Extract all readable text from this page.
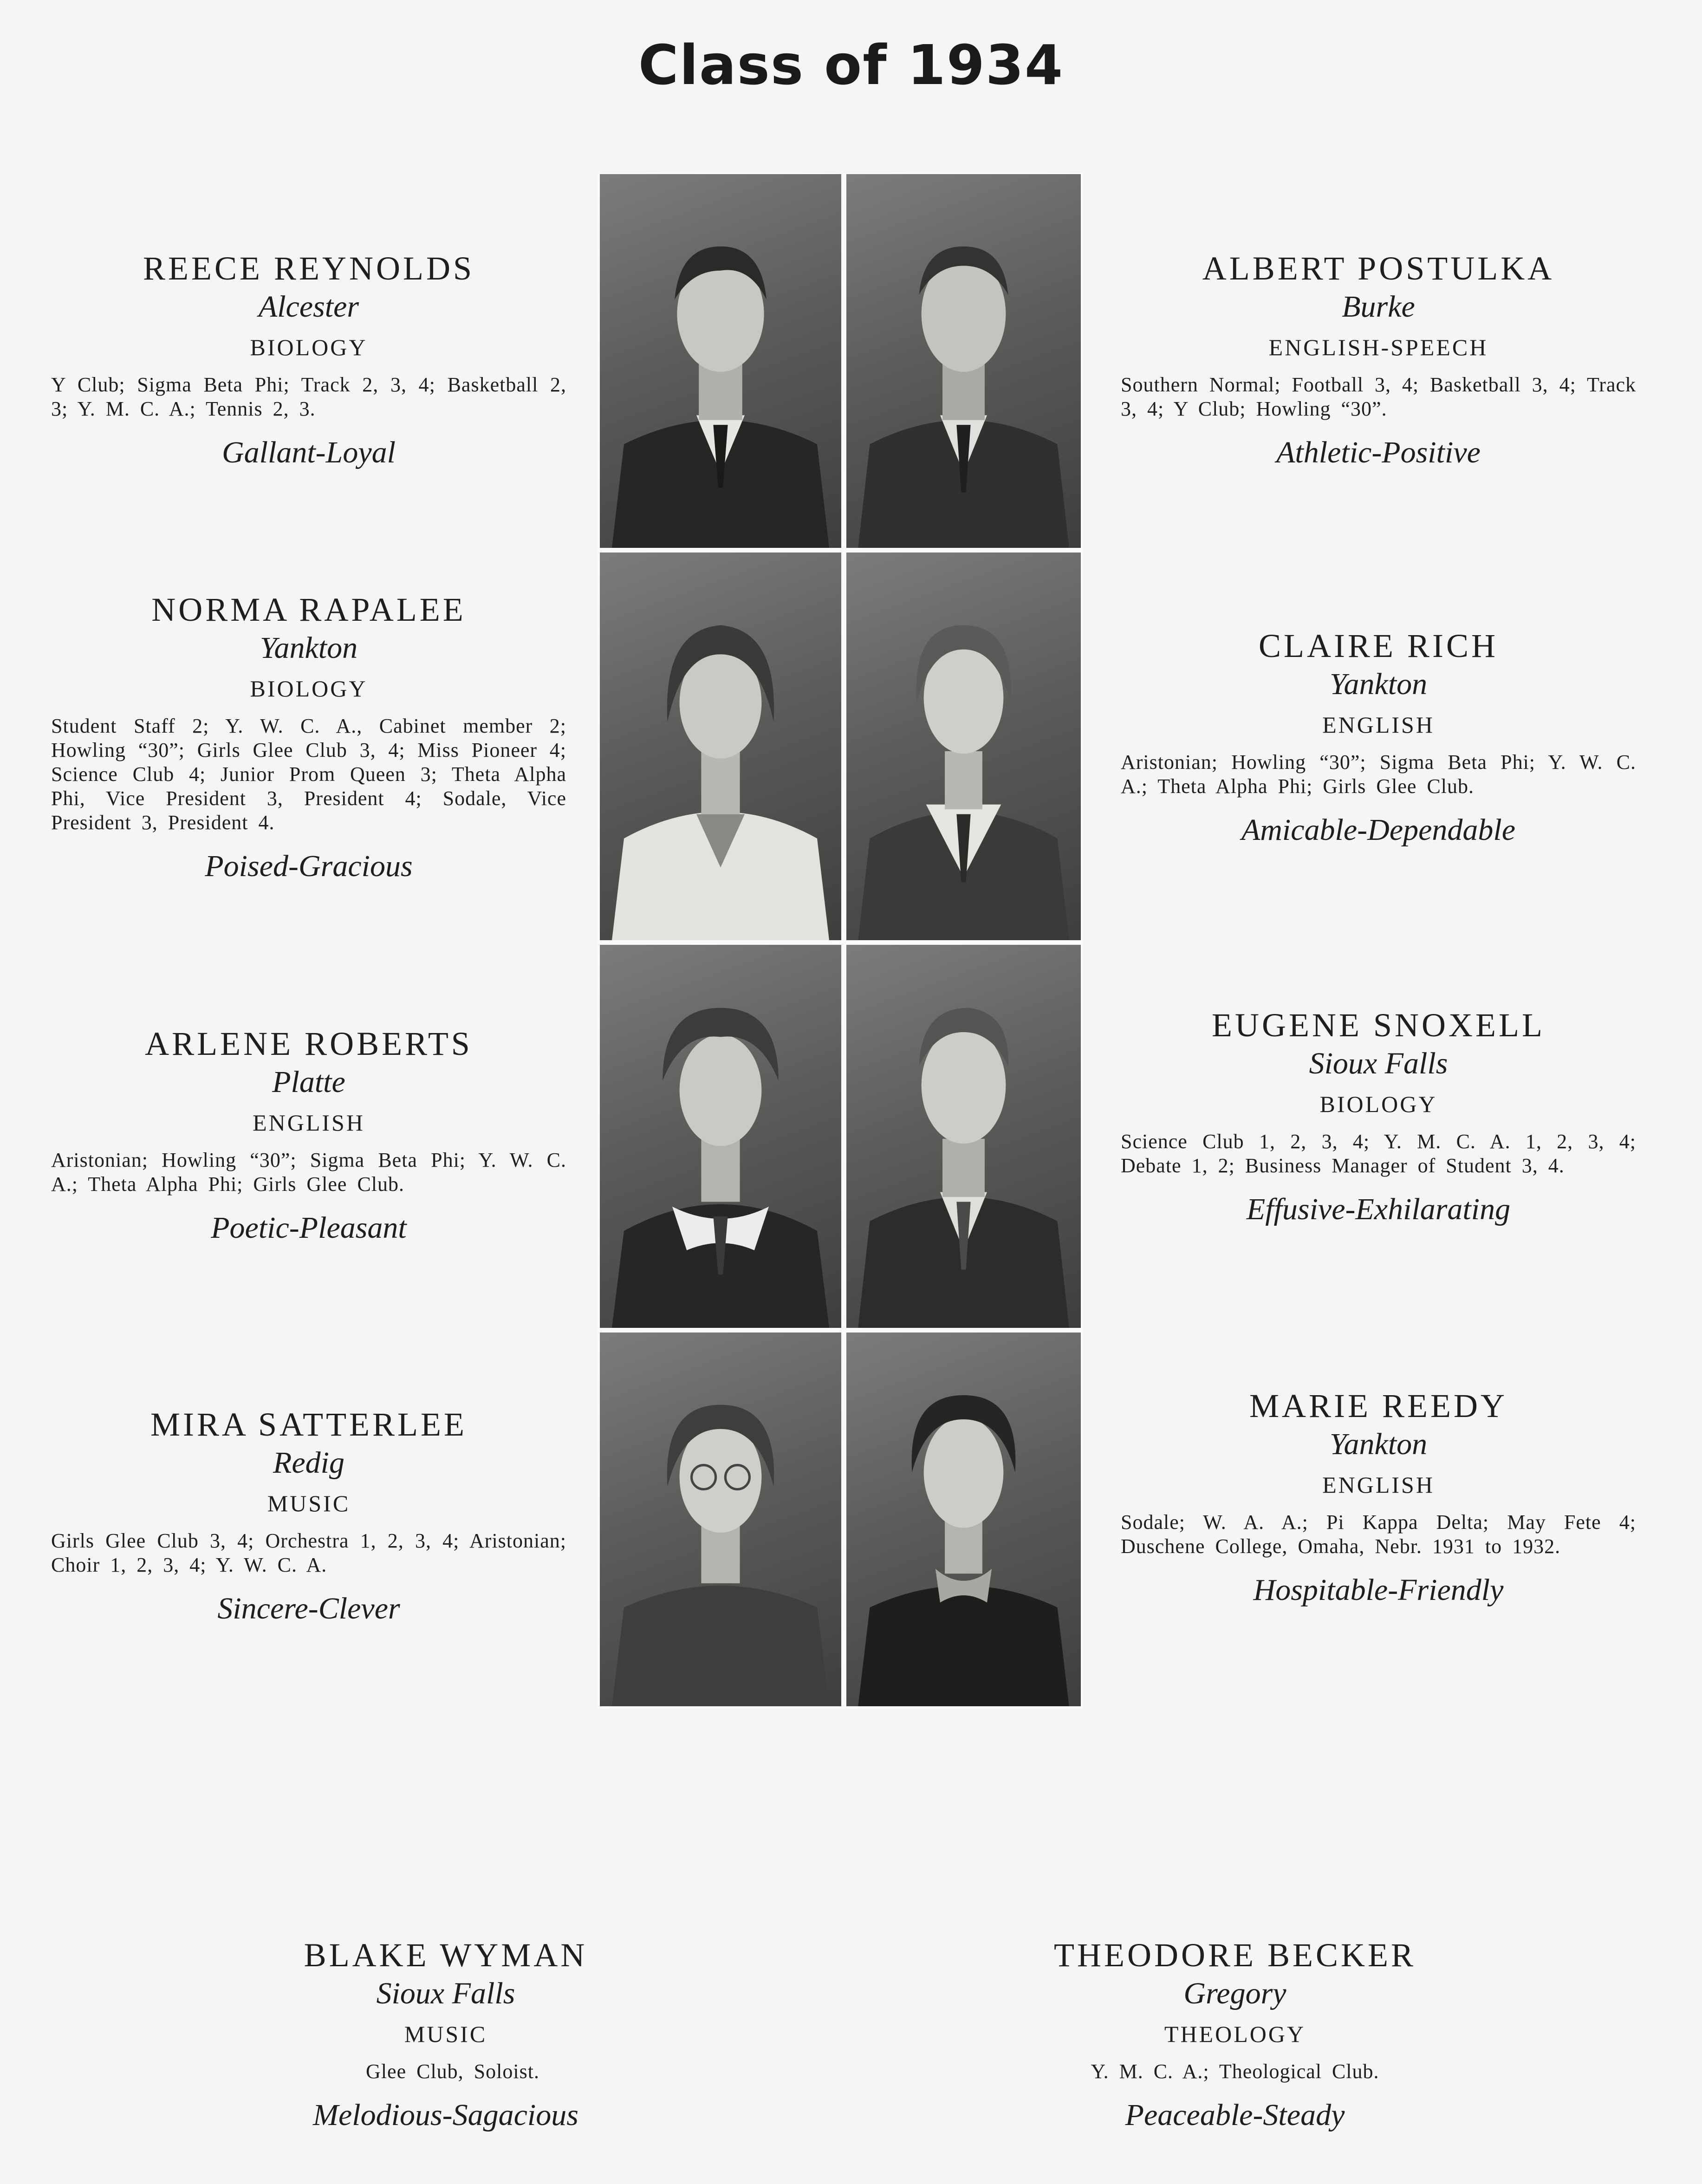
Class of 1934

REECE REYNOLDS

Alcester

BIOLOGY

Y Club; Sigma Beta Phi; Track 2, 3, 4; Basketball 2, 3; Y. M. C. A.; Tennis 2, 3.

Gallant-Loyal

NORMA RAPALEE

Yankton

BIOLOGY

Student Staff 2; Y. W. C. A., Cabinet member 2; Howling “30”; Girls Glee Club 3, 4; Miss Pioneer 4; Science Club 4; Junior Prom Queen 3; Theta Alpha Phi, Vice President 3, President 4; Sodale, Vice President 3, President 4.

Poised-Gracious

ARLENE ROBERTS

Platte

ENGLISH

Aristonian; Howling “30”; Sigma Beta Phi; Y. W. C. A.; Theta Alpha Phi; Girls Glee Club.

Poetic-Pleasant

MIRA SATTERLEE

Redig

MUSIC

Girls Glee Club 3, 4; Orchestra 1, 2, 3, 4; Aristonian; Choir 1, 2, 3, 4; Y. W. C. A.

Sincere-Clever

ALBERT POSTULKA

Burke

ENGLISH-SPEECH

Southern Normal; Football 3, 4; Basketball 3, 4; Track 3, 4; Y Club; Howling “30”.

Athletic-Positive

CLAIRE RICH

Yankton

ENGLISH

Aristonian; Howling “30”; Sigma Beta Phi; Y. W. C. A.; Theta Alpha Phi; Girls Glee Club.

Amicable-Dependable

EUGENE SNOXELL

Sioux Falls

BIOLOGY

Science Club 1, 2, 3, 4; Y. M. C. A. 1, 2, 3, 4; Debate 1, 2; Business Manager of Student 3, 4.

Effusive-Exhilarating

MARIE REEDY

Yankton

ENGLISH

Sodale; W. A. A.; Pi Kappa Delta; May Fete 4; Duschene College, Omaha, Nebr. 1931 to 1932.

Hospitable-Friendly

BLAKE WYMAN

Sioux Falls

MUSIC

Glee Club, Soloist.

Melodious-Sagacious

THEODORE BECKER

Gregory

THEOLOGY

Y. M. C. A.; Theological Club.

Peaceable-Steady
